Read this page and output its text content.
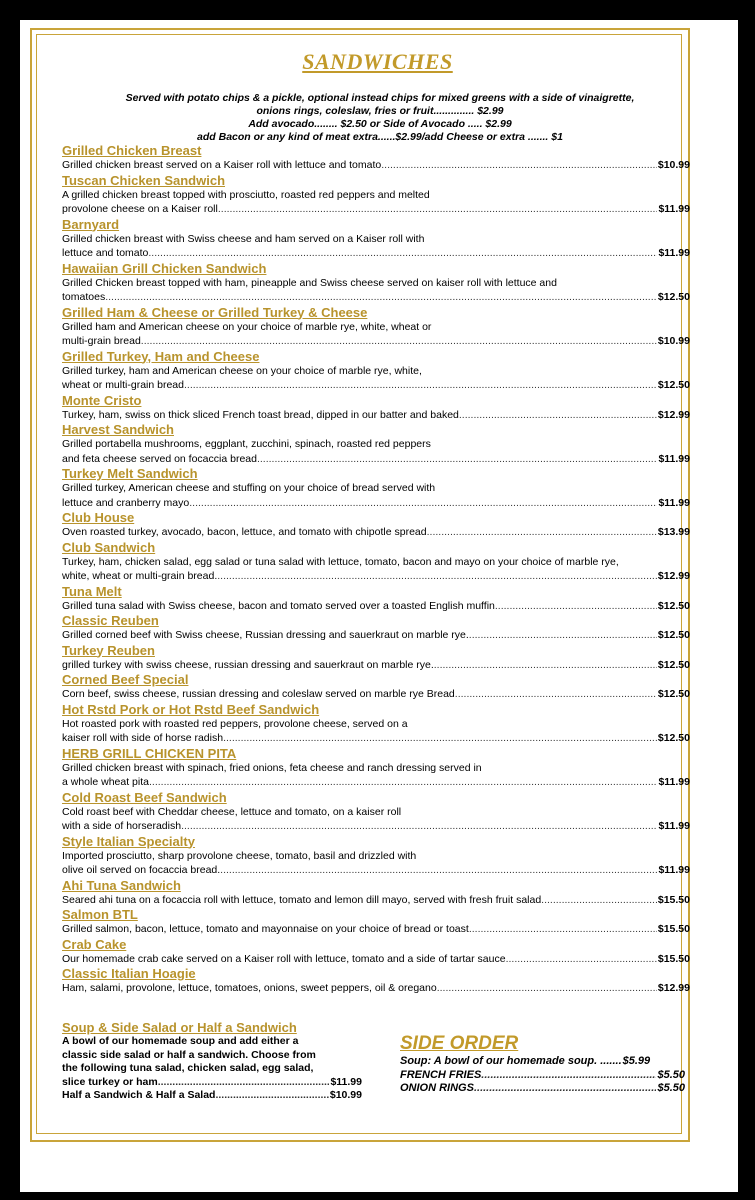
SANDWICHES
Served with potato chips & a pickle, optional instead chips for mixed greens with a side of vinaigrette,
onions rings, coleslaw, fries or fruit.............. $2.99
Add avocado........ $2.50 or Side of Avocado ..... $2.99
add Bacon or any kind of meat extra......$2.99/add Cheese or extra ....... $1
Grilled Chicken Breast
Grilled chicken breast served on a Kaiser roll with lettuce and tomato .....	$10.99
Tuscan Chicken Sandwich
A grilled chicken breast topped with prosciutto, roasted red peppers and melted
provolone cheese on a Kaiser roll .....	$11.99
Barnyard
Grilled chicken breast with Swiss cheese and ham served on a Kaiser roll with
lettuce and tomato .....	$11.99
Hawaiian Grill Chicken Sandwich
Grilled Chicken breast topped with ham, pineapple and Swiss cheese served on kaiser roll with lettuce and
tomatoes .....	$12.50
Grilled Ham & Cheese or Grilled Turkey & Cheese
Grilled ham and American cheese on your choice of marble rye, white, wheat or
multi-grain bread .....	$10.99
Grilled Turkey, Ham and Cheese
Grilled turkey, ham and American cheese on your choice of marble rye, white,
wheat or multi-grain bread .....	$12.50
Monte Cristo
Turkey, ham, swiss on thick sliced French toast bread, dipped in our batter and baked .....	$12.99
Harvest Sandwich
Grilled portabella mushrooms, eggplant, zucchini, spinach, roasted red peppers
and feta cheese served on focaccia bread .....	$11.99
Turkey Melt Sandwich
Grilled turkey, American cheese and stuffing on your choice of bread served with
lettuce and cranberry mayo .....	$11.99
Club House
Oven roasted turkey, avocado, bacon, lettuce, and tomato with chipotle spread .....	$13.99
Club Sandwich
Turkey, ham, chicken salad, egg salad or tuna salad with lettuce, tomato, bacon and mayo on your choice of marble rye,
white, wheat or multi-grain bread. .....	$12.99
Tuna Melt
Grilled tuna salad with Swiss cheese, bacon and tomato served over a toasted English muffin .....	$12.50
Classic Reuben
Grilled corned beef with Swiss cheese, Russian dressing and sauerkraut on marble rye. .....	$12.50
Turkey Reuben
grilled turkey with swiss cheese, russian dressing and sauerkraut on marble rye. .....	$12.50
Corned Beef Special
Corn beef, swiss cheese, russian dressing and coleslaw served on marble rye Bread .....	$12.50
Hot Rstd Pork or Hot Rstd Beef Sandwich
Hot roasted pork with roasted red peppers, provolone cheese, served on a
kaiser roll with side of horse radish .....	$12.50
HERB GRILL CHICKEN PITA
Grilled chicken breast with spinach, fried onions, feta cheese and ranch dressing served in
a whole wheat pita .....	$11.99
Cold Roast Beef Sandwich
Cold roast beef with Cheddar cheese, lettuce and tomato, on a kaiser roll
with a side of horseradish .....	$11.99
Style Italian Specialty
Imported prosciutto, sharp provolone cheese, tomato, basil and drizzled with
olive oil served on focaccia bread. .....	$11.99
Ahi Tuna Sandwich
Seared ahi tuna on a focaccia roll with lettuce, tomato and lemon dill mayo, served with fresh fruit salad .....	$15.50
Salmon BTL
Grilled salmon, bacon, lettuce, tomato and mayonnaise on your choice of bread or toast .....	$15.50
Crab Cake
Our homemade crab cake served on a Kaiser roll with lettuce, tomato and a side of tartar sauce .....	$15.50
Classic Italian Hoagie
Ham, salami, provolone, lettuce, tomatoes, onions, sweet peppers, oil & oregano .....	$12.99
Soup & Side Salad or Half a Sandwich
A bowl of our homemade soup and add either a
classic side salad or half a sandwich. Choose from
the following tuna salad, chicken salad, egg salad,
slice turkey or ham .....	$11.99
Half a Sandwich & Half a Salad .....	$10.99
SIDE ORDER
Soup: A bowl of our homemade soup. ....... $5.99
FRENCH FRIES .....	$5.50
ONION RINGS .....	$5.50
